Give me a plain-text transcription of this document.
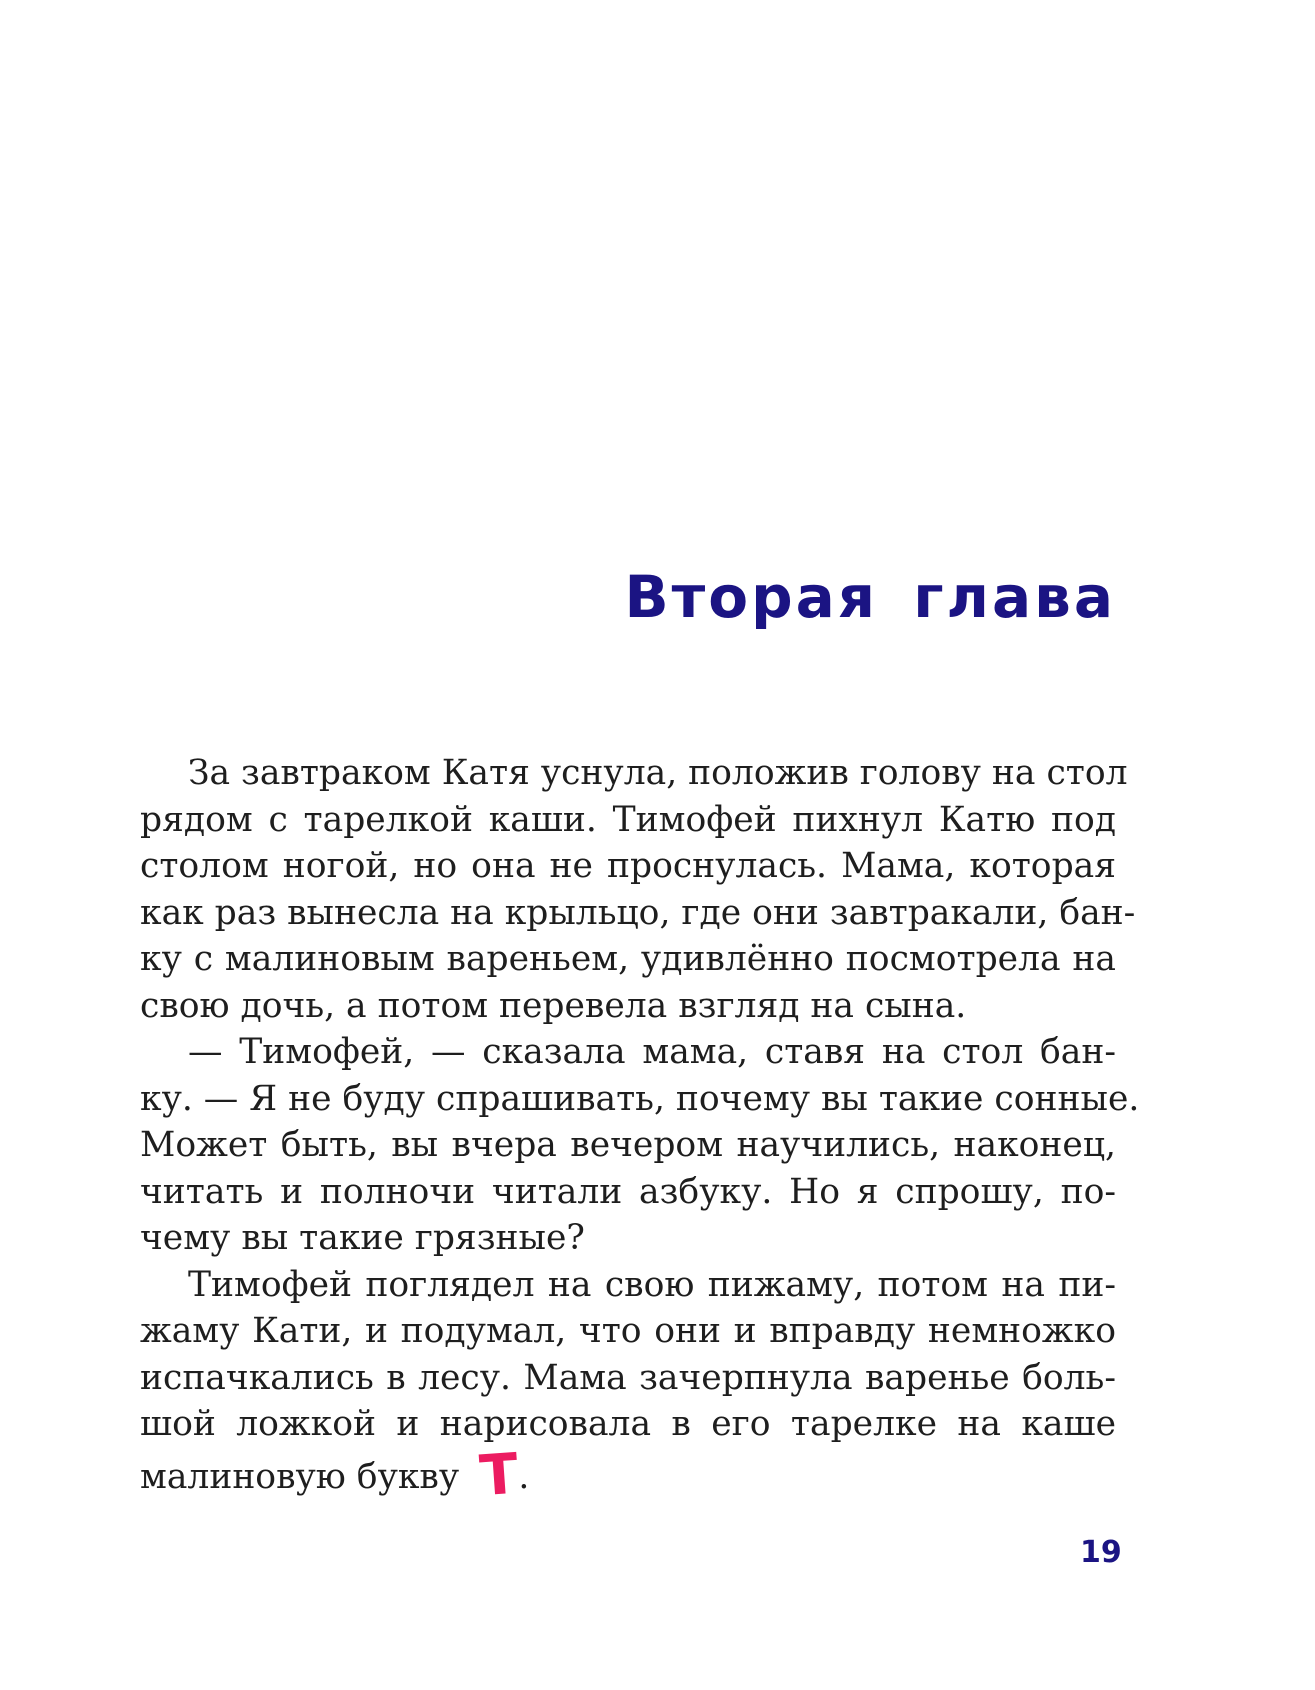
Вторая глава
За завтраком Катя уснула, положив голову на стол
рядом с тарелкой каши. Тимофей пихнул Катю под
столом ногой, но она не проснулась. Мама, которая
как раз вынесла на крыльцо, где они завтракали, бан-
ку с малиновым вареньем, удивлённо посмотрела на
свою дочь, а потом перевела взгляд на сына.
— Тимофей, — сказала мама, ставя на стол бан-
ку. — Я не буду спрашивать, почему вы такие сонные.
Может быть, вы вчера вечером научились, наконец,
читать и полночи читали азбуку. Но я спрошу, по-
чему вы такие грязные?
Тимофей поглядел на свою пижаму, потом на пи-
жаму Кати, и подумал, что они и вправду немножко
испачкались в лесу. Мама зачерпнула варенье боль-
шой ложкой и нарисовала в его тарелке на каше
малиновую букву Т.
19
